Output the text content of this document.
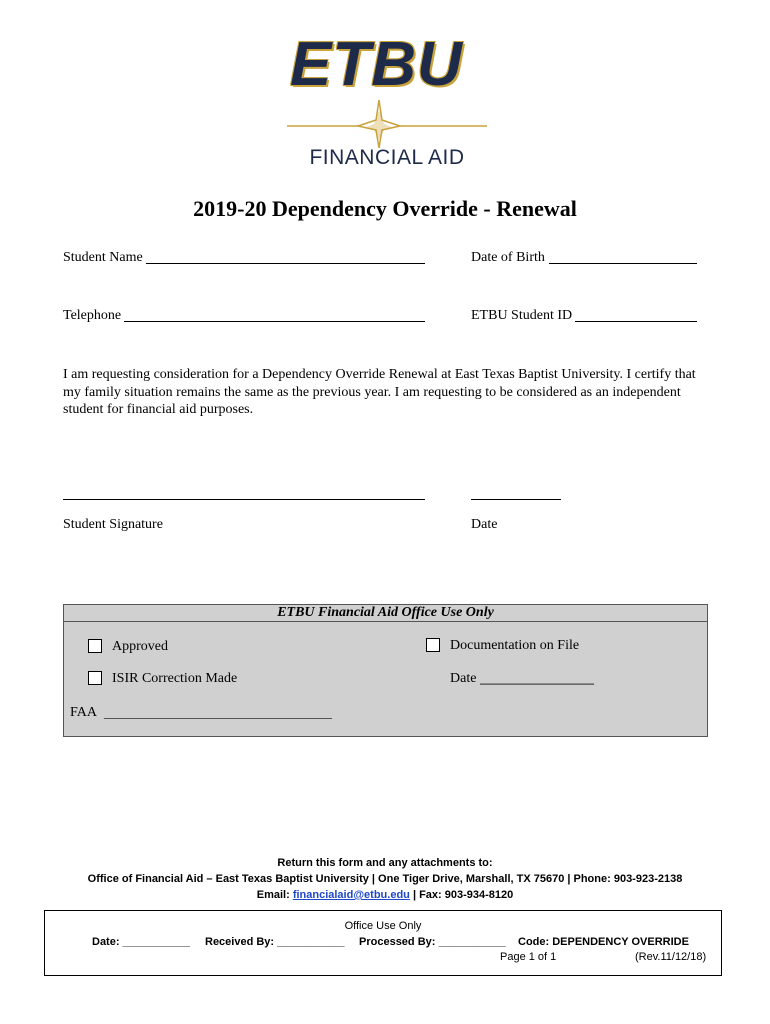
ETBU
FINANCIAL AID
2019-20 Dependency Override - Renewal
Student Name	Date of Birth
Telephone	ETBU Student ID
I am requesting consideration for a Dependency Override Renewal at East Texas Baptist University. I certify that my family situation remains the same as the previous year. I am requesting to be considered as an independent student for financial aid purposes.
Student Signature	Date
ETBU Financial Aid Office Use Only
Approved	Documentation on File
ISIR Correction Made	Date ___________________
FAA ______________________________________
Return this form and any attachments to:
Office of Financial Aid – East Texas Baptist University | One Tiger Drive, Marshall, TX 75670 | Phone: 903-923-2138
Email: financialaid@etbu.edu | Fax: 903-934-8120
Office Use Only
Date: ___________ Received By: ___________ Processed By: ___________ Code: DEPENDENCY OVERRIDE
Page 1 of 1	(Rev.11/12/18)
